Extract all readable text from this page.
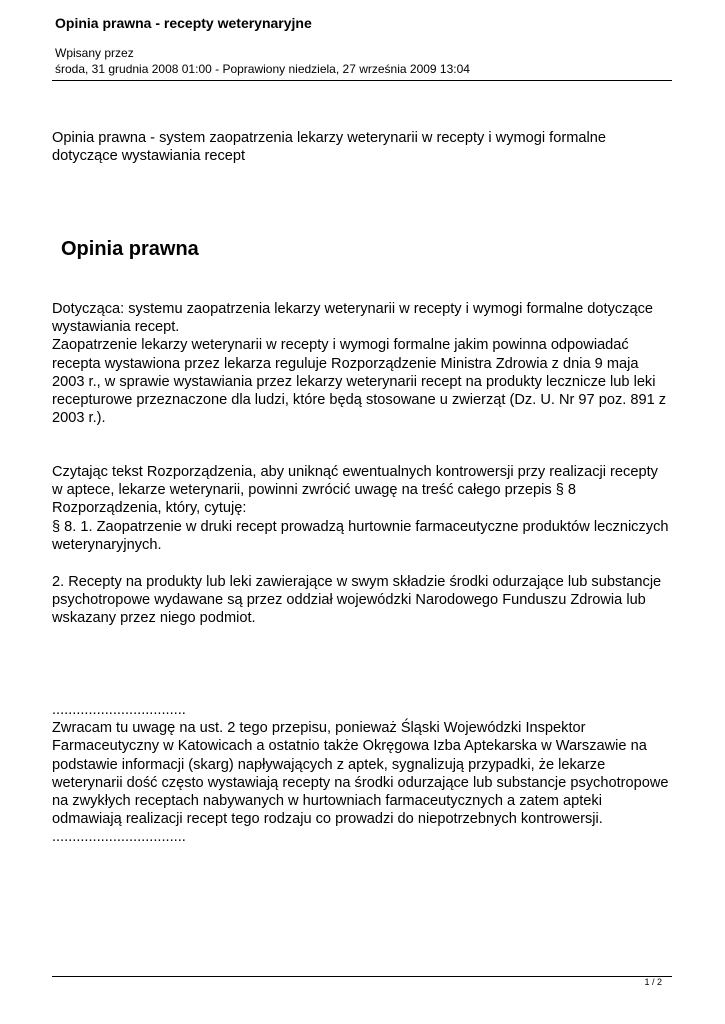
Opinia prawna - recepty weterynaryjne
Wpisany przez
środa, 31 grudnia 2008 01:00 - Poprawiony niedziela, 27 września 2009 13:04
Opinia prawna - system zaopatrzenia lekarzy weterynarii w recepty i wymogi formalne
dotyczące wystawiania recept
Opinia prawna
Dotycząca: systemu zaopatrzenia lekarzy weterynarii w recepty i wymogi formalne dotyczące
wystawiania recept.
Zaopatrzenie lekarzy weterynarii w recepty i wymogi formalne jakim powinna odpowiadać
recepta wystawiona przez lekarza reguluje Rozporządzenie Ministra Zdrowia z dnia 9 maja
2003 r., w sprawie wystawiania przez lekarzy weterynarii recept na produkty lecznicze lub leki
recepturowe przeznaczone dla ludzi, które będą stosowane u zwierząt (Dz. U. Nr 97 poz. 891 z
2003 r.).
Czytając tekst Rozporządzenia, aby uniknąć ewentualnych kontrowersji przy realizacji recepty
w aptece, lekarze weterynarii, powinni zwrócić uwagę na treść całego przepis § 8
Rozporządzenia, który, cytuję:
§ 8. 1. Zaopatrzenie w druki recept prowadzą hurtownie farmaceutyczne produktów leczniczych
weterynaryjnych.
2. Recepty na produkty lub leki zawierające w swym składzie środki odurzające lub substancje
psychotropowe wydawane są przez oddział wojewódzki Narodowego Funduszu Zdrowia lub
wskazany przez niego podmiot.
.................................
Zwracam tu uwagę na ust. 2 tego przepisu, ponieważ Śląski Wojewódzki Inspektor
Farmaceutyczny w Katowicach a ostatnio także Okręgowa Izba Aptekarska w Warszawie na
podstawie informacji (skarg) napływających z aptek, sygnalizują przypadki, że lekarze
weterynarii dość często wystawiają recepty na środki odurzające lub substancje psychotropowe
na zwykłych receptach nabywanych w hurtowniach farmaceutycznych a zatem apteki
odmawiają realizacji recept tego rodzaju co prowadzi do niepotrzebnych kontrowersji.
.................................
1 / 2
